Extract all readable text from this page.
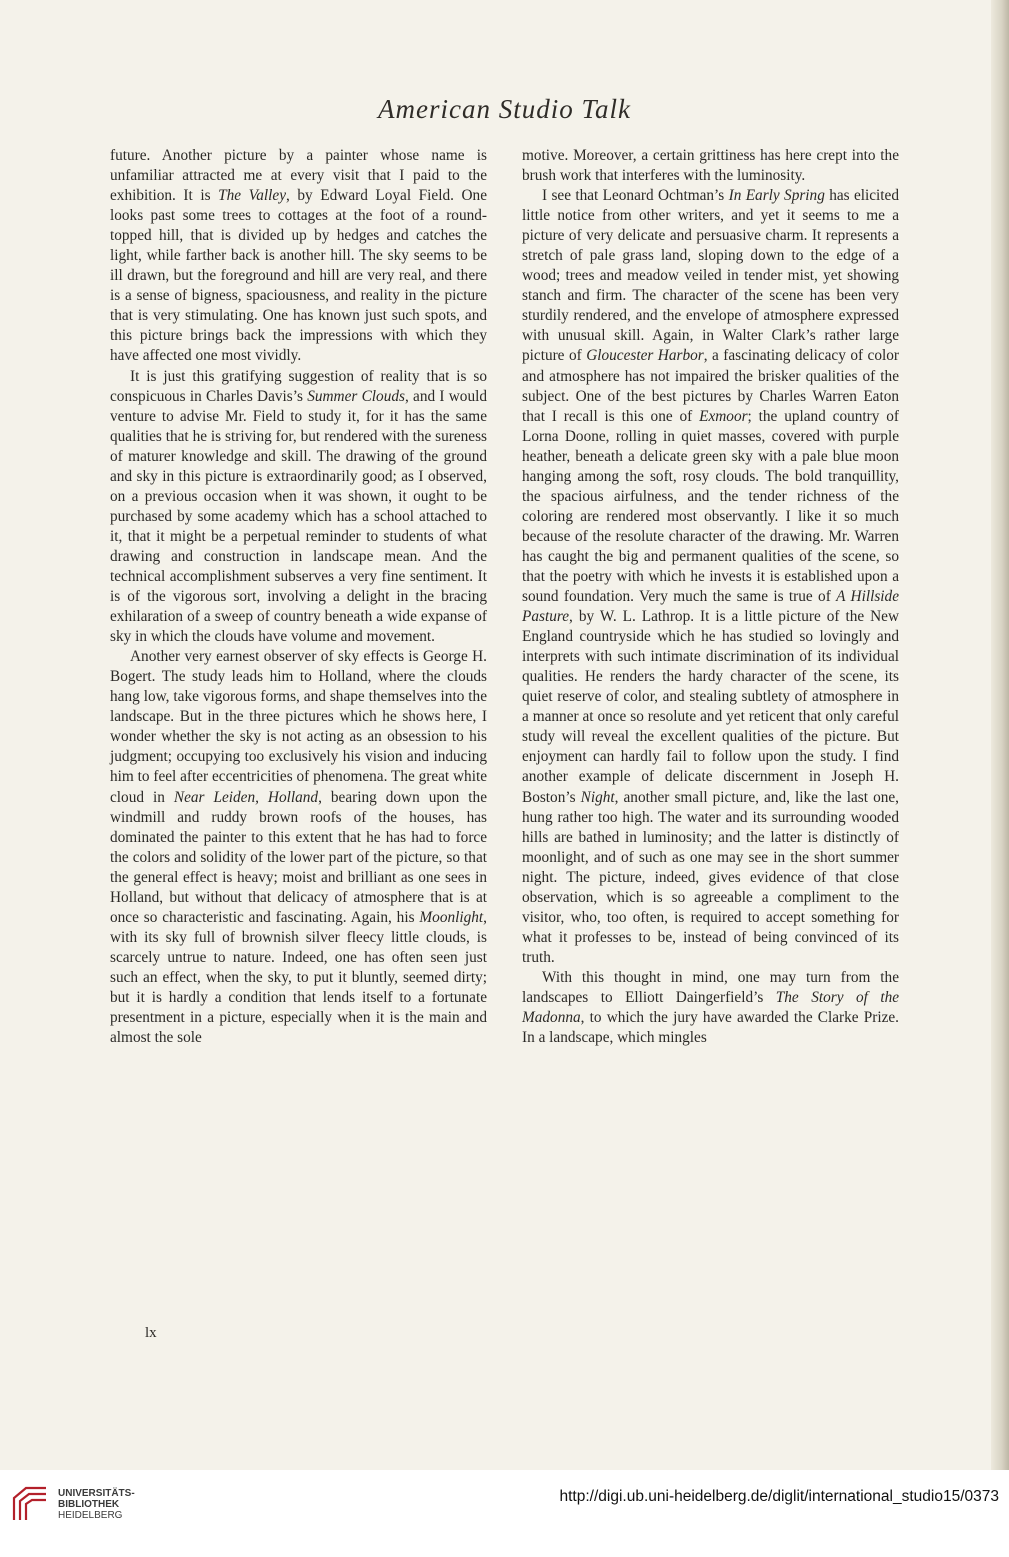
American Studio Talk

future. Another picture by a painter whose name is unfamiliar attracted me at every visit that I paid to the exhibition. It is The Valley, by Edward Loyal Field. One looks past some trees to cottages at the foot of a round-topped hill, that is divided up by hedges and catches the light, while farther back is another hill. The sky seems to be ill drawn, but the foreground and hill are very real, and there is a sense of bigness, spaciousness, and reality in the picture that is very stimulating. One has known just such spots, and this picture brings back the impressions with which they have affected one most vividly.

It is just this gratifying suggestion of reality that is so conspicuous in Charles Davis’s Summer Clouds, and I would venture to advise Mr. Field to study it, for it has the same qualities that he is striving for, but rendered with the sureness of maturer knowledge and skill. The drawing of the ground and sky in this picture is extraordinarily good; as I observed, on a previous occasion when it was shown, it ought to be purchased by some academy which has a school attached to it, that it might be a perpetual reminder to students of what drawing and construction in landscape mean. And the technical accomplishment subserves a very fine sentiment. It is of the vigorous sort, involving a delight in the bracing exhilaration of a sweep of country beneath a wide expanse of sky in which the clouds have volume and movement.

Another very earnest observer of sky effects is George H. Bogert. The study leads him to Holland, where the clouds hang low, take vigorous forms, and shape themselves into the landscape. But in the three pictures which he shows here, I wonder whether the sky is not acting as an obsession to his judgment; occupying too exclusively his vision and inducing him to feel after eccentricities of phenomena. The great white cloud in Near Leiden, Holland, bearing down upon the windmill and ruddy brown roofs of the houses, has dominated the painter to this extent that he has had to force the colors and solidity of the lower part of the picture, so that the general effect is heavy; moist and brilliant as one sees in Holland, but without that delicacy of atmosphere that is at once so characteristic and fascinating. Again, his Moonlight, with its sky full of brownish silver fleecy little clouds, is scarcely untrue to nature. Indeed, one has often seen just such an effect, when the sky, to put it bluntly, seemed dirty; but it is hardly a condition that lends itself to a fortunate presentment in a picture, especially when it is the main and almost the sole

motive. Moreover, a certain grittiness has here crept into the brush work that interferes with the luminosity.

I see that Leonard Ochtman’s In Early Spring has elicited little notice from other writers, and yet it seems to me a picture of very delicate and persuasive charm. It represents a stretch of pale grass land, sloping down to the edge of a wood; trees and meadow veiled in tender mist, yet showing stanch and firm. The character of the scene has been very sturdily rendered, and the envelope of atmosphere expressed with unusual skill. Again, in Walter Clark’s rather large picture of Gloucester Harbor, a fascinating delicacy of color and atmosphere has not impaired the brisker qualities of the subject. One of the best pictures by Charles Warren Eaton that I recall is this one of Exmoor; the upland country of Lorna Doone, rolling in quiet masses, covered with purple heather, beneath a delicate green sky with a pale blue moon hanging among the soft, rosy clouds. The bold tranquillity, the spacious airfulness, and the tender richness of the coloring are rendered most observantly. I like it so much because of the resolute character of the drawing. Mr. Warren has caught the big and permanent qualities of the scene, so that the poetry with which he invests it is established upon a sound foundation. Very much the same is true of A Hillside Pasture, by W. L. Lathrop. It is a little picture of the New England countryside which he has studied so lovingly and interprets with such intimate discrimination of its individual qualities. He renders the hardy character of the scene, its quiet reserve of color, and stealing subtlety of atmosphere in a manner at once so resolute and yet reticent that only careful study will reveal the excellent qualities of the picture. But enjoyment can hardly fail to follow upon the study. I find another example of delicate discernment in Joseph H. Boston’s Night, another small picture, and, like the last one, hung rather too high. The water and its surrounding wooded hills are bathed in luminosity; and the latter is distinctly of moonlight, and of such as one may see in the short summer night. The picture, indeed, gives evidence of that close observation, which is so agreeable a compliment to the visitor, who, too often, is required to accept something for what it professes to be, instead of being convinced of its truth.

With this thought in mind, one may turn from the landscapes to Elliott Daingerfield’s The Story of the Madonna, to which the jury have awarded the Clarke Prize. In a landscape, which mingles

lx
UNIVERSITÄTS-
BIBLIOTHEK
HEIDELBERG
http://digi.ub.uni-heidelberg.de/diglit/international_studio15/0373
